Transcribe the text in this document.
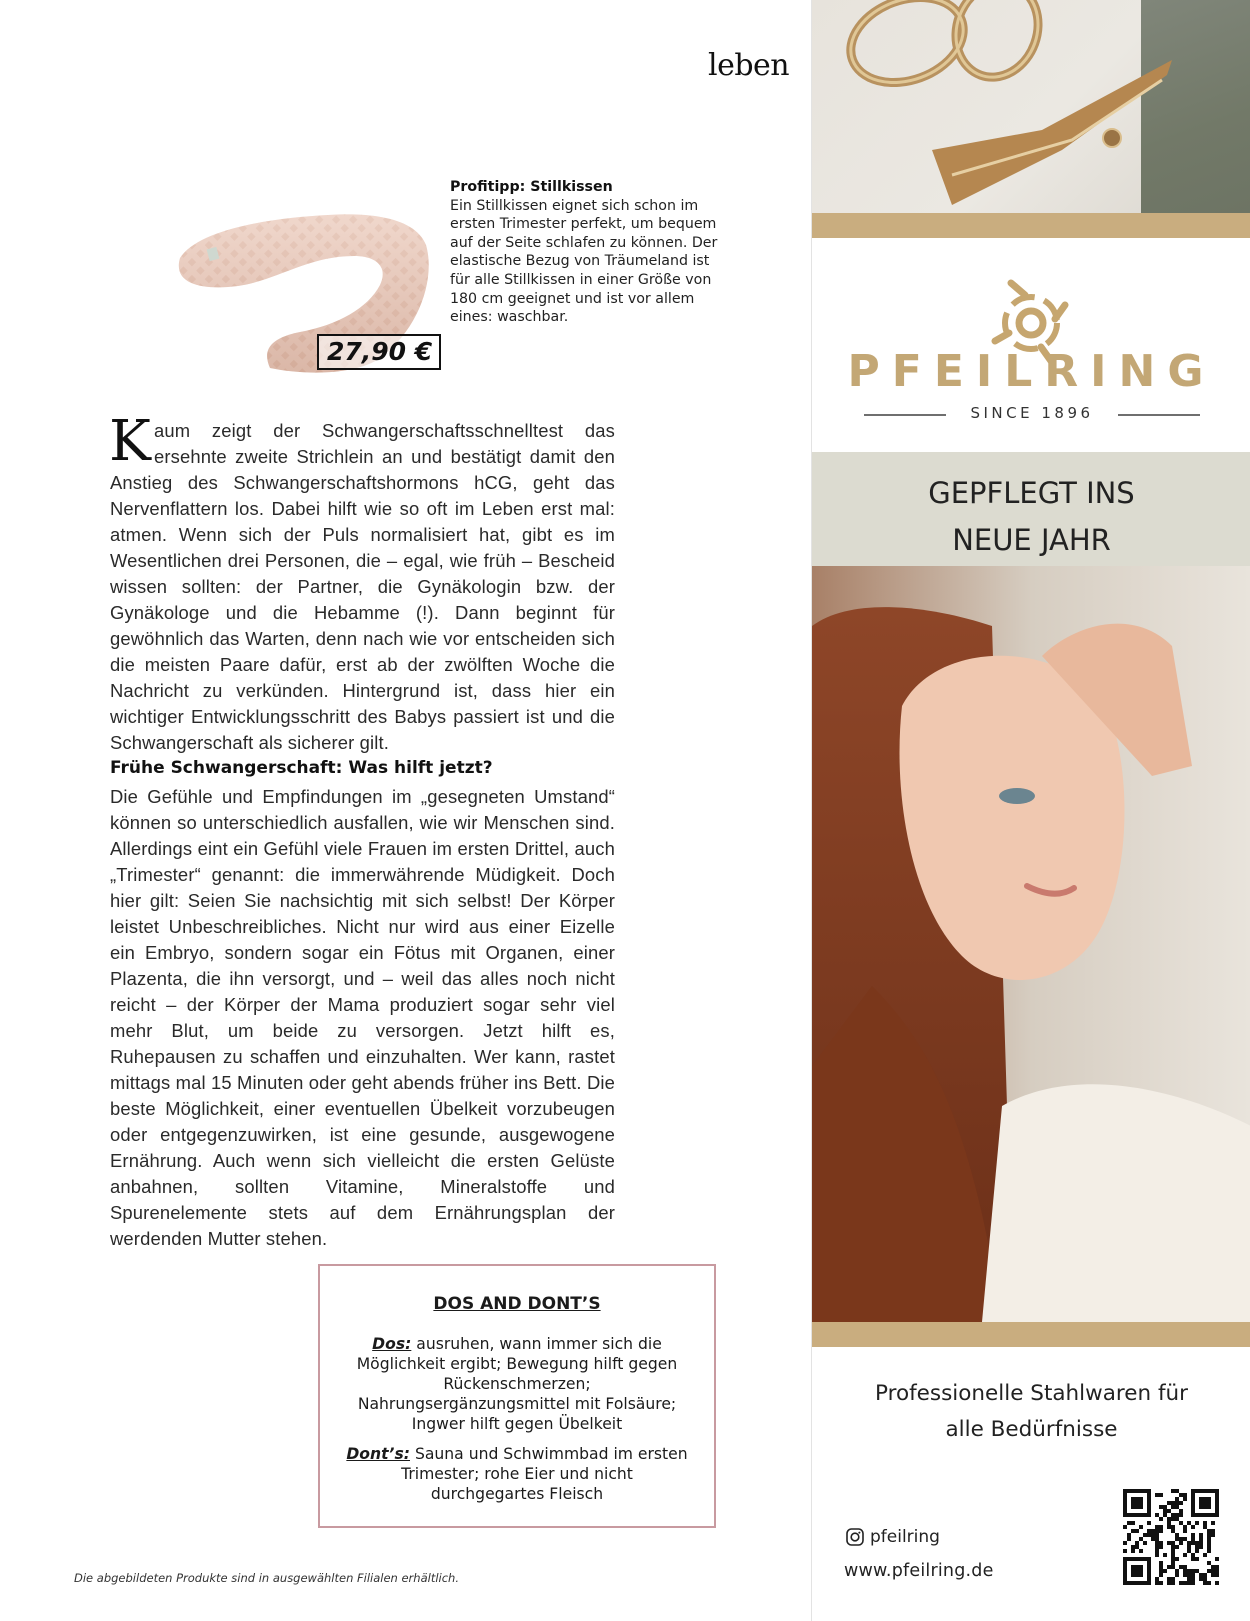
leben
27,90 €
Profitipp: Stillkissen
Ein Stillkissen eignet sich schon im ersten Trimester perfekt, um bequem auf der Seite schlafen zu können. Der elastische Bezug von Träumeland ist für alle Stillkissen in einer Größe von 180 cm geeignet und ist vor allem eines: waschbar.
Kaum zeigt der Schwangerschaftsschnelltest das ersehnte zweite Strichlein an und bestätigt damit den Anstieg des Schwangerschaftshormons hCG, geht das Nervenflattern los. Dabei hilft wie so oft im Leben erst mal: atmen. Wenn sich der Puls normalisiert hat, gibt es im Wesentlichen drei Personen, die – egal, wie früh – Bescheid wissen sollten: der Partner, die Gynäkologin bzw. der Gynäkologe und die Hebamme (!). Dann beginnt für gewöhnlich das Warten, denn nach wie vor entscheiden sich die meisten Paare dafür, erst ab der zwölften Woche die Nachricht zu verkünden. Hintergrund ist, dass hier ein wichtiger Entwicklungsschritt des Babys passiert ist und die Schwangerschaft als sicherer gilt.
Frühe Schwangerschaft: Was hilft jetzt?
Die Gefühle und Empfindungen im „gesegneten Umstand“ können so unterschiedlich ausfallen, wie wir Menschen sind. Allerdings eint ein Gefühl viele Frauen im ersten Drittel, auch „Trimester“ genannt: die immerwährende Müdigkeit. Doch hier gilt: Seien Sie nachsichtig mit sich selbst! Der Körper leistet Unbeschreibliches. Nicht nur wird aus einer Eizelle ein Embryo, sondern sogar ein Fötus mit Organen, einer Plazenta, die ihn versorgt, und – weil das alles noch nicht reicht – der Körper der Mama produziert sogar sehr viel mehr Blut, um beide zu versorgen. Jetzt hilft es, Ruhepausen zu schaffen und einzuhalten. Wer kann, rastet mittags mal 15 Minuten oder geht abends früher ins Bett. Die beste Möglichkeit, einer eventuellen Übelkeit vorzubeugen oder entgegenzuwirken, ist eine gesunde, ausgewogene Ernährung. Auch wenn sich vielleicht die ersten Gelüste anbahnen, sollten Vitamine, Mineralstoffe und Spurenelemente stets auf dem Ernährungsplan der werdenden Mutter stehen.
DOS AND DONT’S
Dos: ausruhen, wann immer sich die Möglichkeit ergibt; Bewegung hilft gegen Rückenschmerzen; Nahrungsergänzungsmittel mit Folsäure; Ingwer hilft gegen Übelkeit
Dont’s: Sauna und Schwimmbad im ersten Trimester; rohe Eier und nicht durchgegartes Fleisch
Die abgebildeten Produkte sind in ausgewählten Filialen erhältlich.
PFEILRING
SINCE 1896
GEPFLEGT INS
NEUE JAHR
Professionelle Stahlwaren für
alle Bedürfnisse
pfeilring
www.pfeilring.de
